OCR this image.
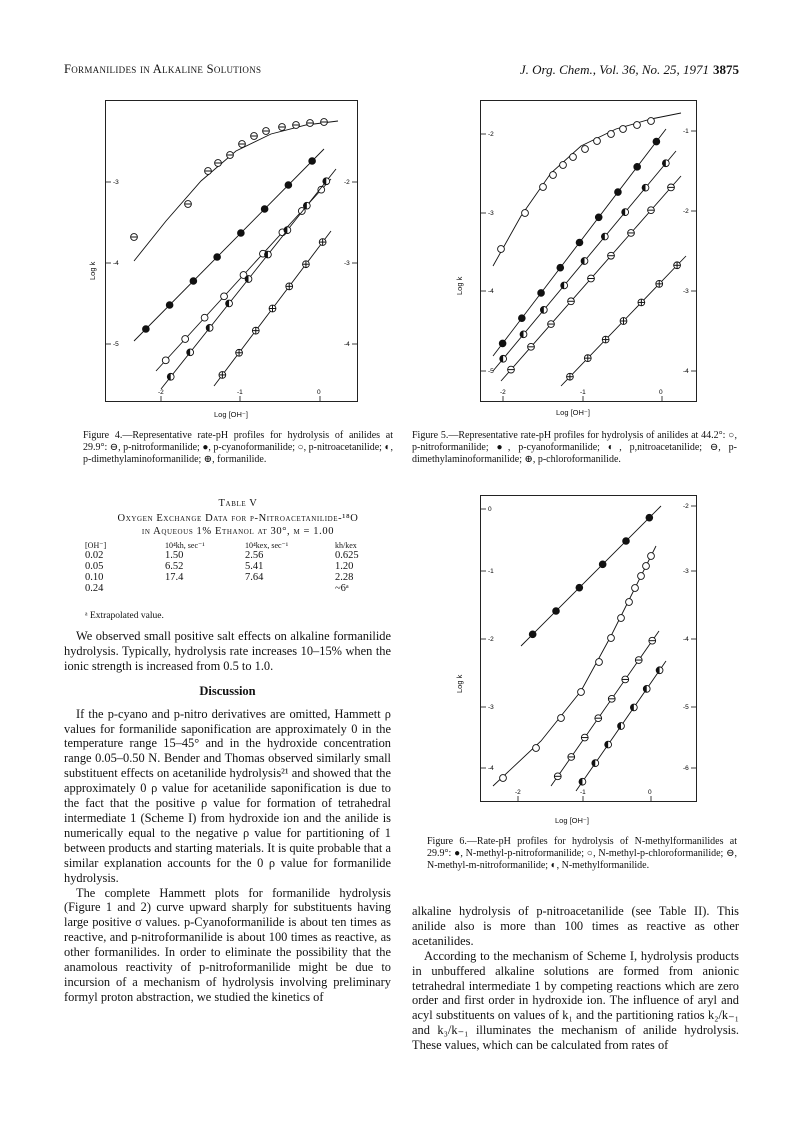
Formanilides in Alkaline Solutions	J. Org. Chem., Vol. 36, No. 25, 1971 3875
-3
-4
-5
-2
-3
-4
-2	-1	0
Log k
Log [OH⁻]
Figure 4.—Representative rate-pH profiles for hydrolysis of anilides at 29.9°: ⊖, p-nitroformanilide; ●, p-cyanoformanilide; ○, p-nitroacetanilide; ◐, p-dimethylaminoformanilide; ⊕, formanilide.
-2
-3
-4
-5
-1
-2
-3
-4
-2	-1	0
Log k
Log [OH⁻]
Figure 5.—Representative rate-pH profiles for hydrolysis of anilides at 44.2°: ○, p-nitroformanilide; ●, p-cyanoformanilide; ◐, p,nitroacetanilide; ⊖, p-dimethylaminoformanilide; ⊕, p-chloroformanilide.
0
-1
-2
-3
-4
-2
-3
-4
-5
-6
-2	-1	0
Log k
Log [OH⁻]
Figure 6.—Rate-pH profiles for hydrolysis of N-methylformanilides at 29.9°: ●, N-methyl-p-nitroformanilide; ○, N-methyl-p-chloroformanilide; ⊖, N-methyl-m-nitroformanilide; ◐, N-methylformanilide.
Table V
Oxygen Exchange Data for p-Nitroacetanilide-¹⁸O
in Aqueous 1% Ethanol at 30°, μ = 1.00
[OH⁻]	10⁴kh, sec⁻¹	10⁴kex, sec⁻¹	kh/kex
0.02	1.50	2.56	0.625
0.05	6.52	5.41	1.20
0.10	17.4	7.64	2.28
0.24			~6ᵃ
ᵃ Extrapolated value.

We observed small positive salt effects on alkaline formanilide hydrolysis. Typically, hydrolysis rate increases 10–15% when the ionic strength is increased from 0.5 to 1.0.

Discussion

If the p-cyano and p-nitro derivatives are omitted, Hammett ρ values for formanilide saponification are approximately 0 in the temperature range 15–45° and in the hydroxide concentration range 0.05–0.50 N. Bender and Thomas observed similarly small substituent effects on acetanilide hydrolysis²¹ and showed that the approximately 0 ρ value for acetanilide saponification is due to the fact that the positive ρ value for formation of tetrahedral intermediate 1 (Scheme I) from hydroxide ion and the anilide is numerically equal to the negative ρ value for partitioning of 1 between products and starting materials. It is quite probable that a similar explanation accounts for the 0 ρ value for formanilide hydrolysis.

The complete Hammett plots for formanilide hydrolysis (Figure 1 and 2) curve upward sharply for substituents having large positive σ values. p-Cyanoformanilide is about ten times as reactive, and p-nitroformanilide is about 100 times as reactive, as other formanilides. In order to eliminate the possibility that the anamolous reactivity of p-nitroformanilide might be due to incursion of a mechanism of hydrolysis involving preliminary formyl proton abstraction, we studied the kinetics of

alkaline hydrolysis of p-nitroacetanilide (see Table II). This anilide also is more than 100 times as reactive as other acetanilides.

According to the mechanism of Scheme I, hydrolysis products in unbuffered alkaline solutions are formed from anionic tetrahedral intermediate 1 by competing reactions which are zero order and first order in hydroxide ion. The influence of aryl and acyl substituents on values of k₁ and the partitioning ratios k₂/k₋₁ and k₃/k₋₁ illuminates the mechanism of anilide hydrolysis. These values, which can be calculated from rates of
